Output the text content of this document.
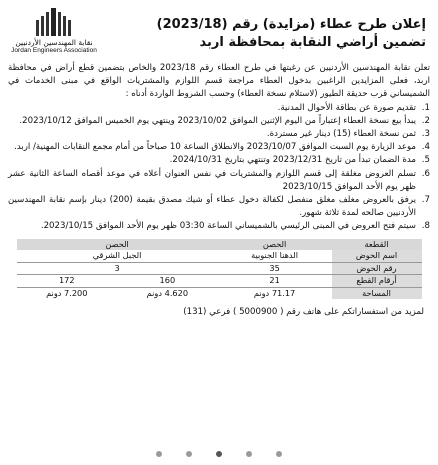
إعلان طرح عطاء (مزايدة) رقم (2023/18)
تضمين أراضي النقابة بمحافظة اربد
نقابة المهندسين الأردنيين
Jordan Engineers Association
تعلن نقابة المهندسين الأردنيين عن رغبتها في طرح العطاء رقم 2023/18 والخاص بتضمين قطع أراض في محافظة اربد، فعلى المزايدين الراغبين بدخول العطاء مراجعة قسم اللوازم والمشتريات الواقع في مبنى الخدمات في الشميساني قرب حديقة الطيور (لاستلام نسخة العطاء) وحسب الشروط الواردة أدناه :
1.
تقديم صورة عن بطاقة الأحوال المدنية.
2.
يبدأ بيع نسخة العطاء إعتباراً من اليوم الإثنين الموافق 2023/10/02 وينتهي يوم الخميس الموافق 2023/10/12.
3.
ثمن نسخة العطاء (15) دينار غير مستردة.
4.
موعد الزيارة يوم السبت الموافق 2023/10/07 والانطلاق الساعة 10 صباحاً من أمام مجمع النقابات المهنية/ اربد.
5.
مدة الضمان تبدأ من تاريخ 2023/12/31 وتنتهي بتاريخ 2024/10/31.
6.
تسلم العروض مغلقة إلى قسم اللوازم والمشتريات في نفس العنوان أعلاه في موعد أقصاه الساعة الثانية عشر ظهر يوم الأحد الموافق 2023/10/15
7.
يرفق بالعروض مغلف مغلق منفصل لكفالة دخول عطاء أو شيك مصدق بقيمة (200) دينار بإسم نقابة المهندسين الأردنيين صالحه لمدة ثلاثة شهور.
8.
سيتم فتح العروض في المبنى الرئيسي بالشميساني الساعة 03:30 ظهر يوم الأحد الموافق 2023/10/15.
القطعة	الحصن	الحصن	
اسم الحوض	الدهنا الجنوبية	الجبل الشرقي	
رقم الحوض	35	3	
أرقام القطع	21	160	172
المساحة	71.17 دونم	4.620 دونم	7.200 دونم
لمزيد من استفساراتكم على هاتف رقم ( 5000900 ) فرعي (131)
